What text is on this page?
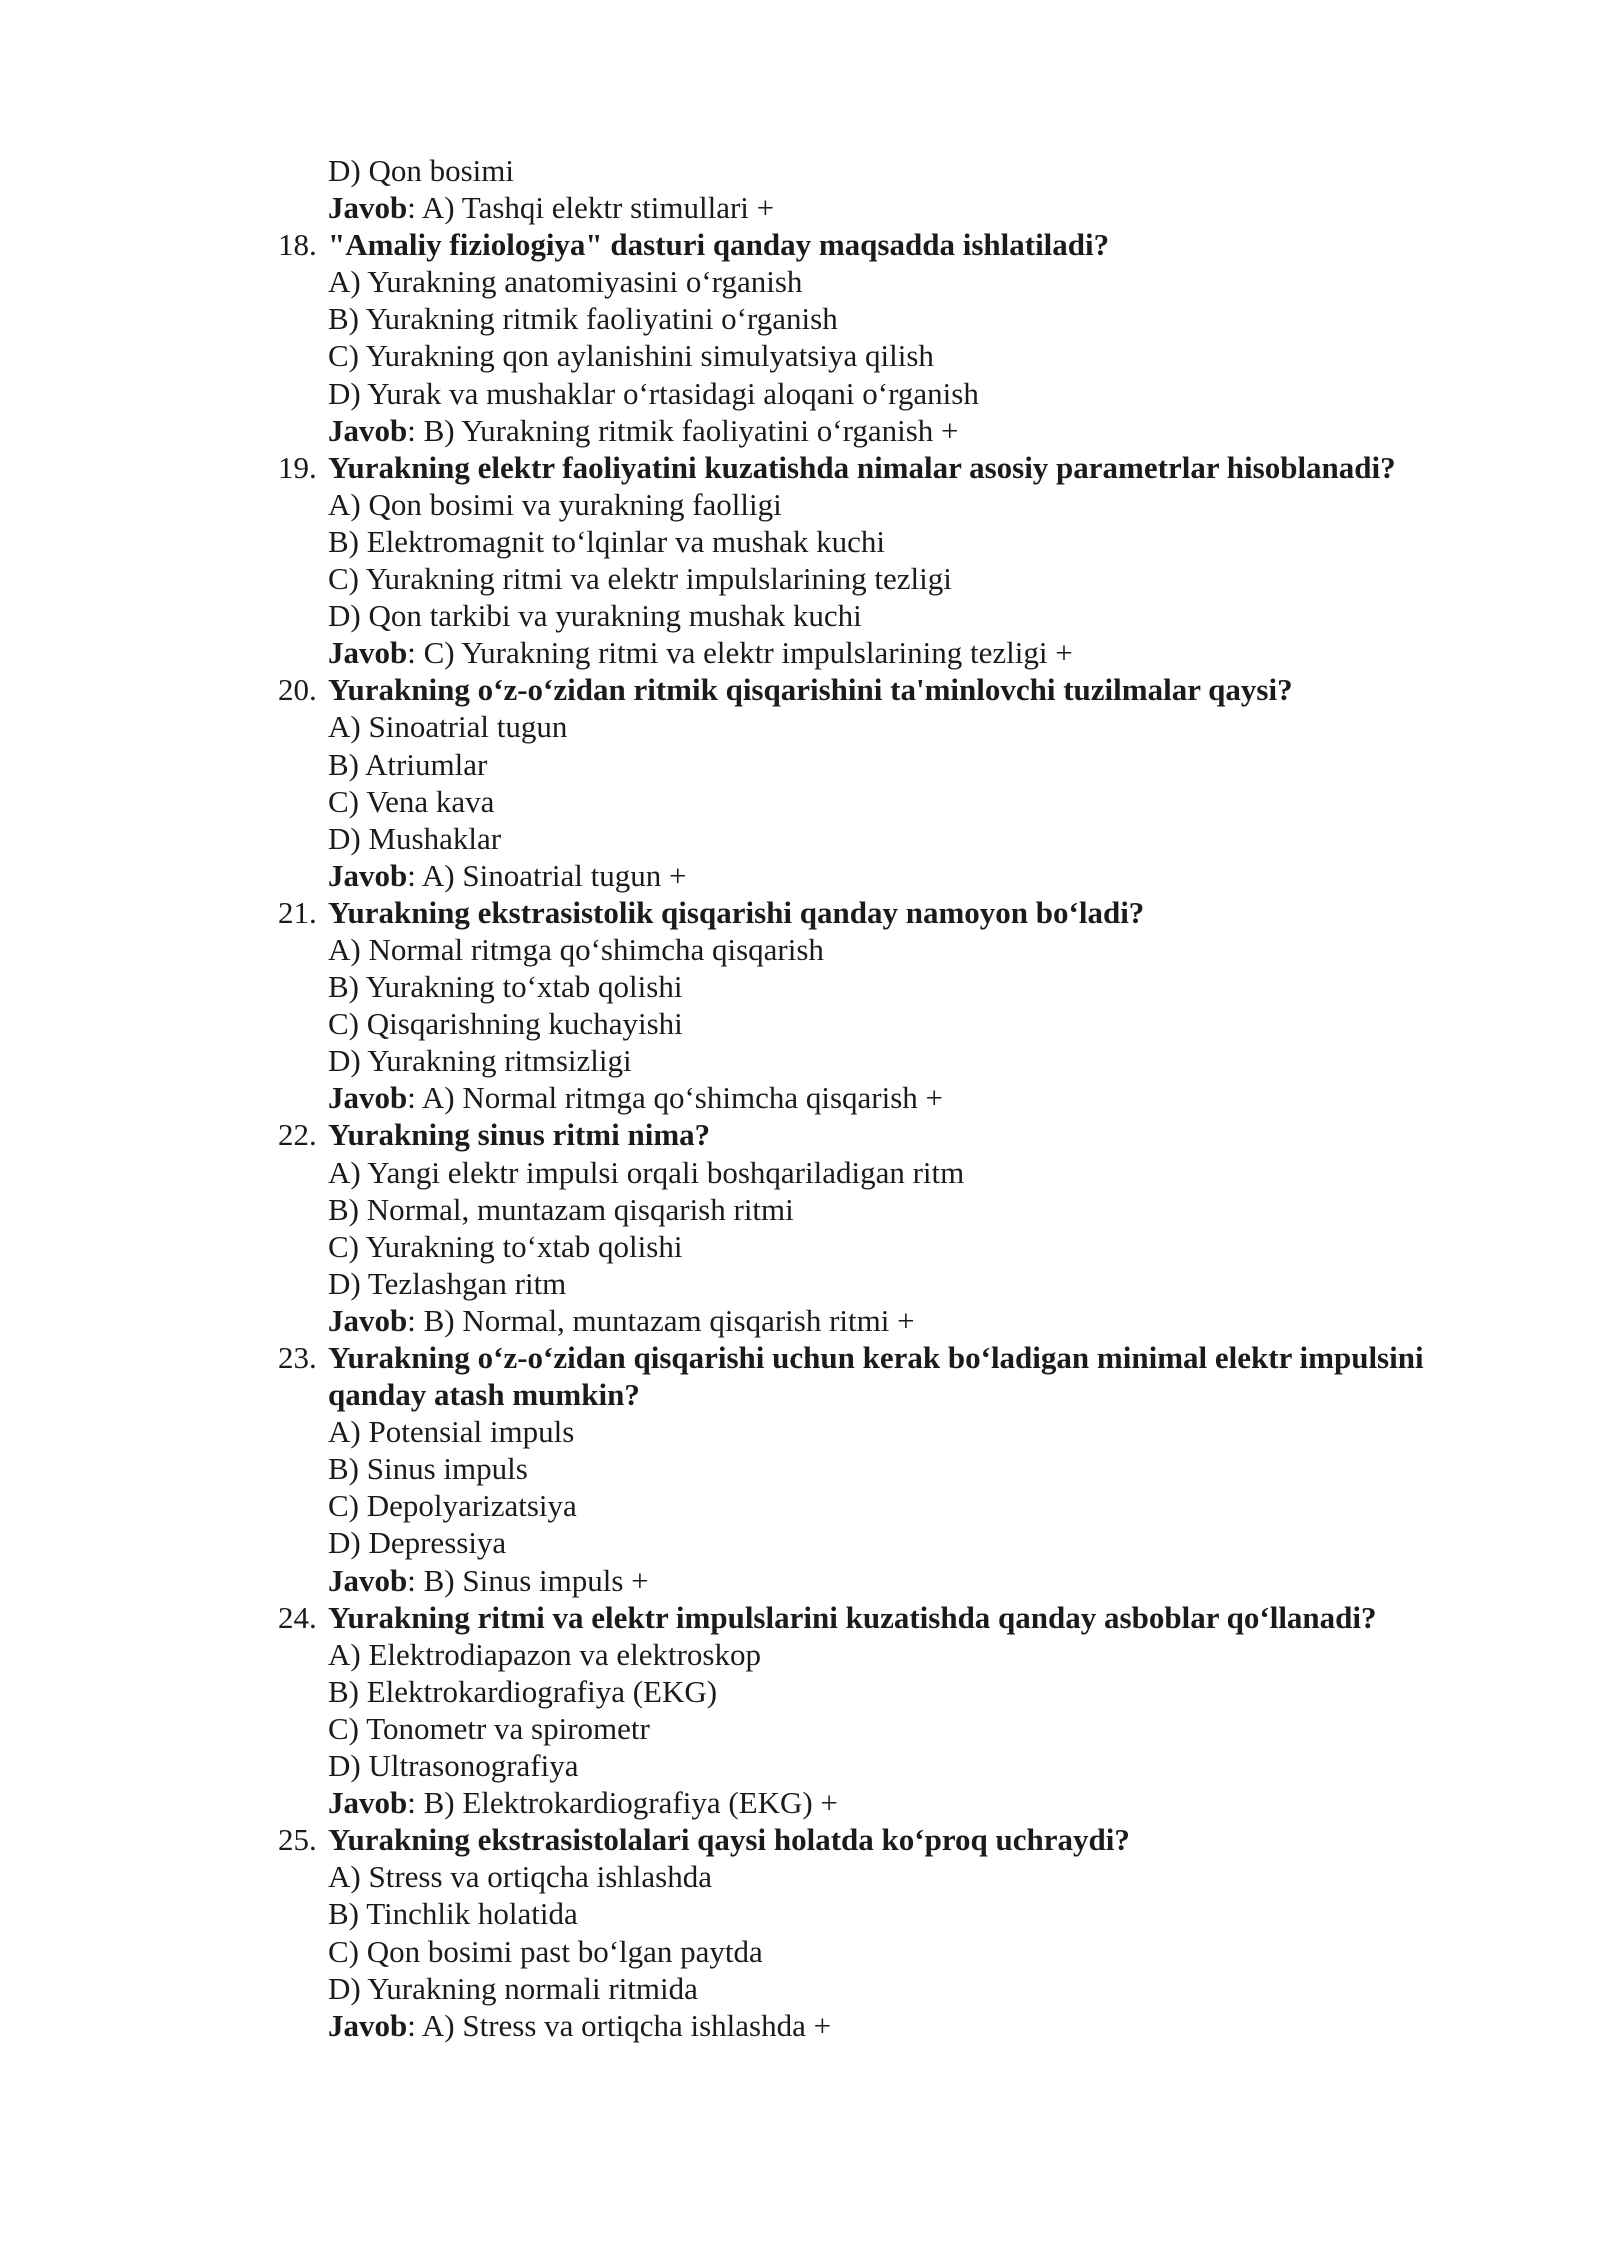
D) Qon bosimi
Javob: A) Tashqi elektr stimullari +
18. "Amaliy fiziologiya" dasturi qanday maqsadda ishlatiladi?
A) Yurakning anatomiyasini o‘rganish
B) Yurakning ritmik faoliyatini o‘rganish
C) Yurakning qon aylanishini simulyatsiya qilish
D) Yurak va mushaklar o‘rtasidagi aloqani o‘rganish
Javob: B) Yurakning ritmik faoliyatini o‘rganish +
19. Yurakning elektr faoliyatini kuzatishda nimalar asosiy parametrlar hisoblanadi?
A) Qon bosimi va yurakning faolligi
B) Elektromagnit to‘lqinlar va mushak kuchi
C) Yurakning ritmi va elektr impulslarining tezligi
D) Qon tarkibi va yurakning mushak kuchi
Javob: C) Yurakning ritmi va elektr impulslarining tezligi +
20. Yurakning o‘z-o‘zidan ritmik qisqarishini ta'minlovchi tuzilmalar qaysi?
A) Sinoatrial tugun
B) Atriumlar
C) Vena kava
D) Mushaklar
Javob: A) Sinoatrial tugun +
21. Yurakning ekstrasistolik qisqarishi qanday namoyon bo‘ladi?
A) Normal ritmga qo‘shimcha qisqarish
B) Yurakning to‘xtab qolishi
C) Qisqarishning kuchayishi
D) Yurakning ritmsizligi
Javob: A) Normal ritmga qo‘shimcha qisqarish +
22. Yurakning sinus ritmi nima?
A) Yangi elektr impulsi orqali boshqariladigan ritm
B) Normal, muntazam qisqarish ritmi
C) Yurakning to‘xtab qolishi
D) Tezlashgan ritm
Javob: B) Normal, muntazam qisqarish ritmi +
23. Yurakning o‘z-o‘zidan qisqarishi uchun kerak bo‘ladigan minimal elektr impulsini
qanday atash mumkin?
A) Potensial impuls
B) Sinus impuls
C) Depolyarizatsiya
D) Depressiya
Javob: B) Sinus impuls +
24. Yurakning ritmi va elektr impulslarini kuzatishda qanday asboblar qo‘llanadi?
A) Elektrodiapazon va elektroskop
B) Elektrokardiografiya (EKG)
C) Tonometr va spirometr
D) Ultrasonografiya
Javob: B) Elektrokardiografiya (EKG) +
25. Yurakning ekstrasistolalari qaysi holatda ko‘proq uchraydi?
A) Stress va ortiqcha ishlashda
B) Tinchlik holatida
C) Qon bosimi past bo‘lgan paytda
D) Yurakning normali ritmida
Javob: A) Stress va ortiqcha ishlashda +
